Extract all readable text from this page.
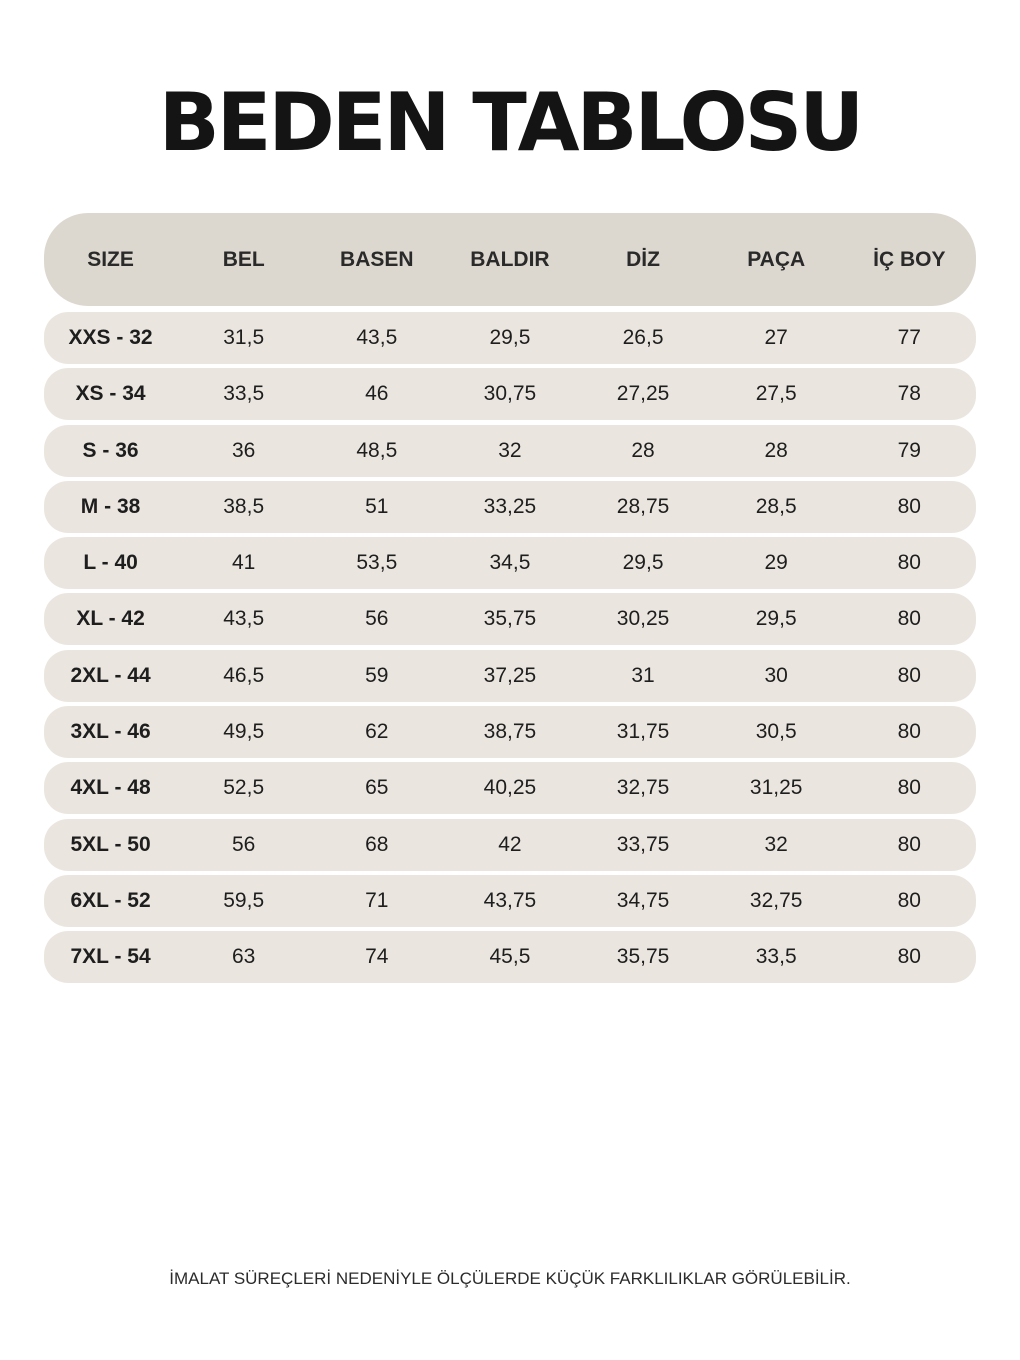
BEDEN TABLOSU
SIZE	BEL	BASEN	BALDIR	DİZ	PAÇA	İÇ BOY
XXS - 32	31,5	43,5	29,5	26,5	27	77
XS - 34	33,5	46	30,75	27,25	27,5	78
S - 36	36	48,5	32	28	28	79
M - 38	38,5	51	33,25	28,75	28,5	80
L - 40	41	53,5	34,5	29,5	29	80
XL - 42	43,5	56	35,75	30,25	29,5	80
2XL - 44	46,5	59	37,25	31	30	80
3XL - 46	49,5	62	38,75	31,75	30,5	80
4XL - 48	52,5	65	40,25	32,75	31,25	80
5XL - 50	56	68	42	33,75	32	80
6XL - 52	59,5	71	43,75	34,75	32,75	80
7XL - 54	63	74	45,5	35,75	33,5	80
İMALAT SÜREÇLERİ NEDENİYLE ÖLÇÜLERDE KÜÇÜK FARKLILIKLAR GÖRÜLEBİLİR.
